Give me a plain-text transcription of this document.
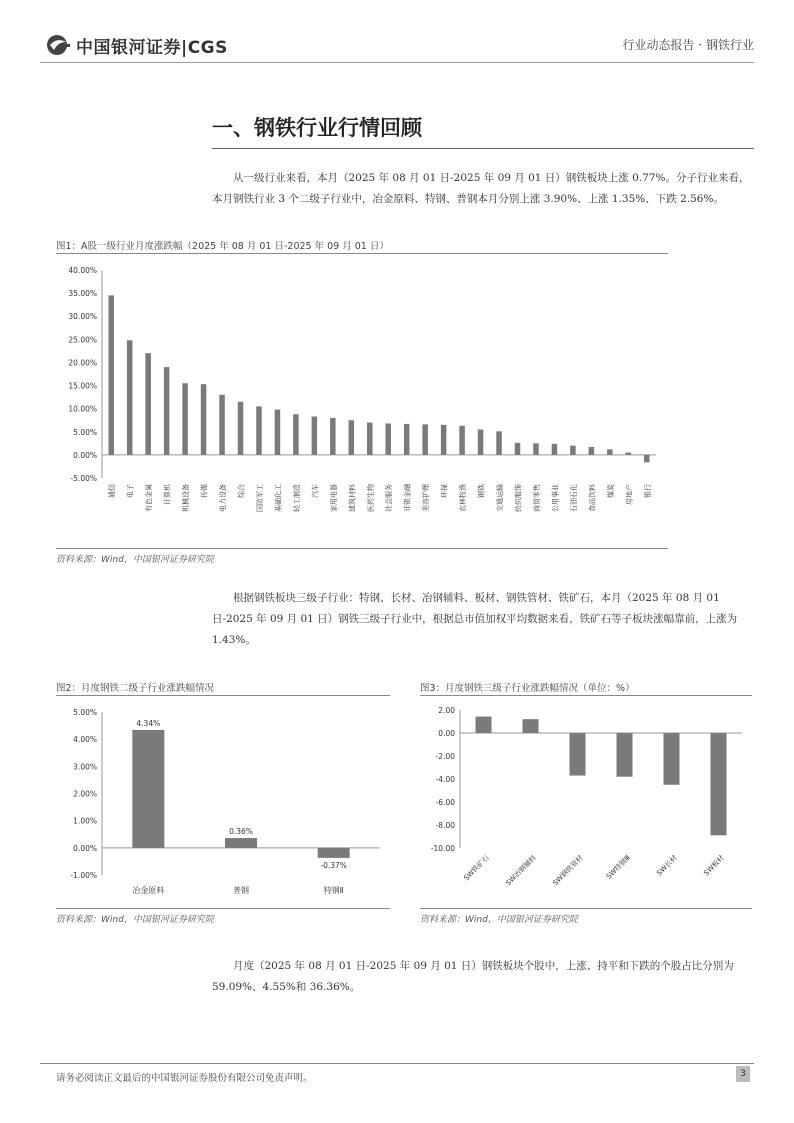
中国银河证券|CGS	行业动态报告 · 钢铁行业
一、钢铁行业行情回顾
从一级行业来看，本月（2025 年 08 月 01 日-2025 年 09 月 01 日）钢铁板块上涨 0.77%。分子行业来看，本月钢铁行业 3 个二级子行业中，冶金原料、特钢、普钢本月分别上涨 3.90%、上涨 1.35%、下跌 2.56%。
图1：A股一级行业月度涨跌幅（2025 年 08 月 01 日-2025 年 09 月 01 日）
-5.00%
0.00%
5.00%
10.00%
15.00%
20.00%
25.00%
30.00%
35.00%
40.00%
通信 电子 有色金属 计算机 机械设备 传媒 电力设备 综合 国防军工 基础化工 轻工制造 汽车 家用电器 建筑材料 医药生物 社会服务 非银金融 美容护理 环保 农林牧渔 钢铁 交通运输 纺织服饰 商贸零售 公用事业 石油石化 食品饮料 煤炭 房地产 银行
资料来源：Wind，中国银河证券研究院
根据钢铁板块三级子行业：特钢、长材、冶钢辅料、板材、钢铁管材、铁矿石，本月（2025 年 08 月 01 日-2025 年 09 月 01 日）钢铁三级子行业中，根据总市值加权平均数据来看，铁矿石等子板块涨幅靠前，上涨为 1.43%。
图2：月度钢铁二级子行业涨跌幅情况
-1.00%
0.00%
1.00%
2.00%
3.00%
4.00%
5.00%
4.34%
冶金原料
0.36%
普钢
-0.37%
特钢Ⅱ
资料来源：Wind，中国银河证券研究院
图3：月度钢铁三级子行业涨跌幅情况（单位：%）
-10.00
-8.00
-6.00
-4.00
-2.00
0.00
2.00
SW铁矿石 SW冶钢辅料 SW钢铁管材	SW特钢Ⅲ	SW长材	SW板材
资料来源：Wind，中国银河证券研究院
月度（2025 年 08 月 01 日-2025 年 09 月 01 日）钢铁板块个股中，上涨、持平和下跌的个股占比分别为 59.09%、4.55%和 36.36%。
请务必阅读正文最后的中国银河证券股份有限公司免责声明。	3
